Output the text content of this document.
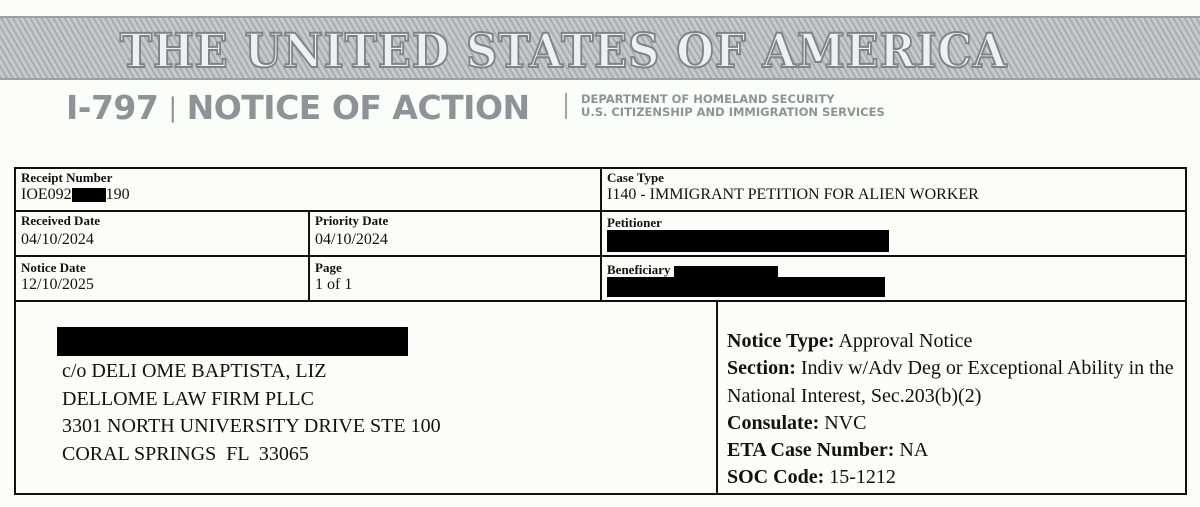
THE UNITED STATES OF AMERICA
I-797 | NOTICE OF ACTION	DEPARTMENT OF HOMELAND SECURITY
U.S. CITIZENSHIP AND IMMIGRATION SERVICES
Receipt Number
IOE092 190
Case Type
I140 - IMMIGRANT PETITION FOR ALIEN WORKER
Received Date
04/10/2024
Priority Date
04/10/2024
Petitioner
Notice Date
12/10/2025
Page
1 of 1
Beneficiary
c/o DELI OME BAPTISTA, LIZ
DELLOME LAW FIRM PLLC
3301 NORTH UNIVERSITY DRIVE STE 100
CORAL SPRINGS  FL  33065
Notice Type: Approval Notice
Section: Indiv w/Adv Deg or Exceptional Ability in the National Interest, Sec.203(b)(2)
Consulate: NVC
ETA Case Number: NA
SOC Code: 15-1212
